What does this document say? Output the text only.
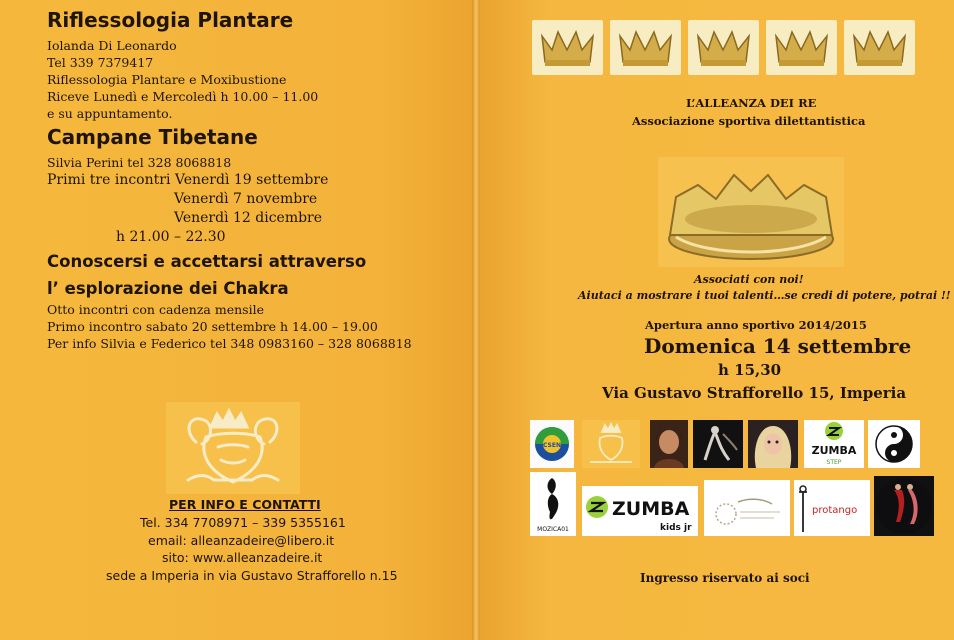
Riflessologia Plantare
Iolanda Di Leonardo
Tel 339 7379417
Riflessologia Plantare e Moxibustione
Riceve Lunedì e Mercoledì h 10.00 – 11.00
e su appuntamento.
Campane Tibetane
Silvia Perini tel 328 8068818
Primi tre incontri Venerdì 19 settembre
Venerdì 7 novembre
Venerdì 12 dicembre
h 21.00 – 22.30
Conoscersi e accettarsi attraverso
l’ esplorazione dei Chakra
Otto incontri con cadenza mensile
Primo incontro sabato 20 settembre h 14.00 – 19.00
Per info Silvia e Federico tel 348 0983160 – 328 8068818
PER INFO E CONTATTI
Tel. 334 7708971 – 339 5355161
email: alleanzadeire@libero.it
sito: www.alleanzadeire.it
sede a Imperia in via Gustavo Strafforello n.15
L’ALLEANZA DEI RE
Associazione sportiva dilettantistica
Associati con noi!
Aiutaci a mostrare i tuoi talenti…se credi di potere, potrai !!
Apertura anno sportivo 2014/2015
Domenica 14 settembre
h 15,30
Via Gustavo Strafforello 15, Imperia
CSEN	ZUMBA
STEP
MOZICA01
ZUMBA
kids jr
protango
Ingresso riservato ai soci
